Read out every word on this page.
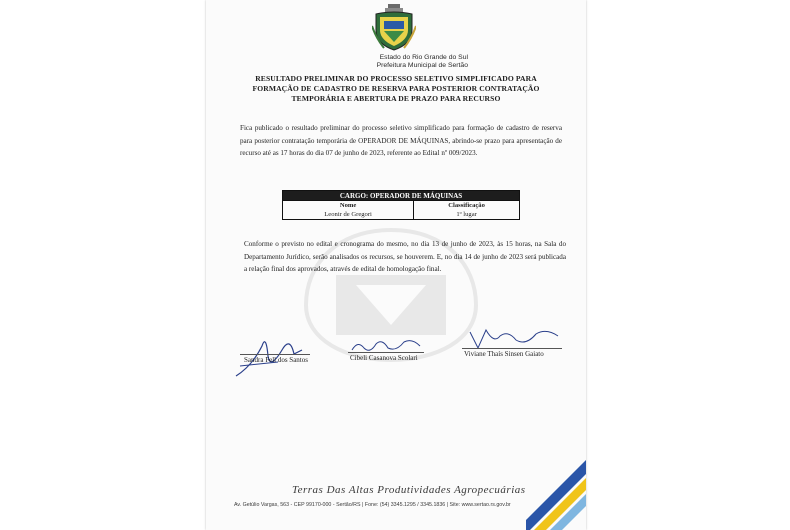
Estado do Rio Grande do Sul
Prefeitura Municipal de Sertão
RESULTADO PRELIMINAR DO PROCESSO SELETIVO SIMPLIFICADO PARA
FORMAÇÃO DE CADASTRO DE RESERVA PARA POSTERIOR CONTRATAÇÃO
TEMPORÁRIA E ABERTURA DE PRAZO PARA RECURSO
Fica publicado o resultado preliminar do processo seletivo simplificado para formação de cadastro de reserva para posterior contratação temporária de OPERADOR DE MÁQUINAS, abrindo-se prazo para apresentação de recurso até as 17 horas do dia 07 de junho de 2023, referente ao Edital nº 009/2023.
CARGO: OPERADOR DE MÁQUINAS	
Nome	Classificação
Leonir de Gregori	1º lugar
Conforme o previsto no edital e cronograma do mesmo, no dia 13 de junho de 2023, às 15 horas, na Sala do Departamento Jurídico, serão analisados os recursos, se houverem. E, no dia 14 de junho de 2023 será publicada a relação final dos aprovados, através de edital de homologação final.
Sandra Fell dos Santos	Cibeli Casanova Scolari	Viviane Thaís Sinsen Gaiato
Terras Das Altas Produtividades Agropecuárias
Av. Getúlio Vargas, 563 - CEP 99170-000 - Sertão/RS | Fone: (54) 3345.1295 / 3345.1836 | Site: www.sertao.rs.gov.br
